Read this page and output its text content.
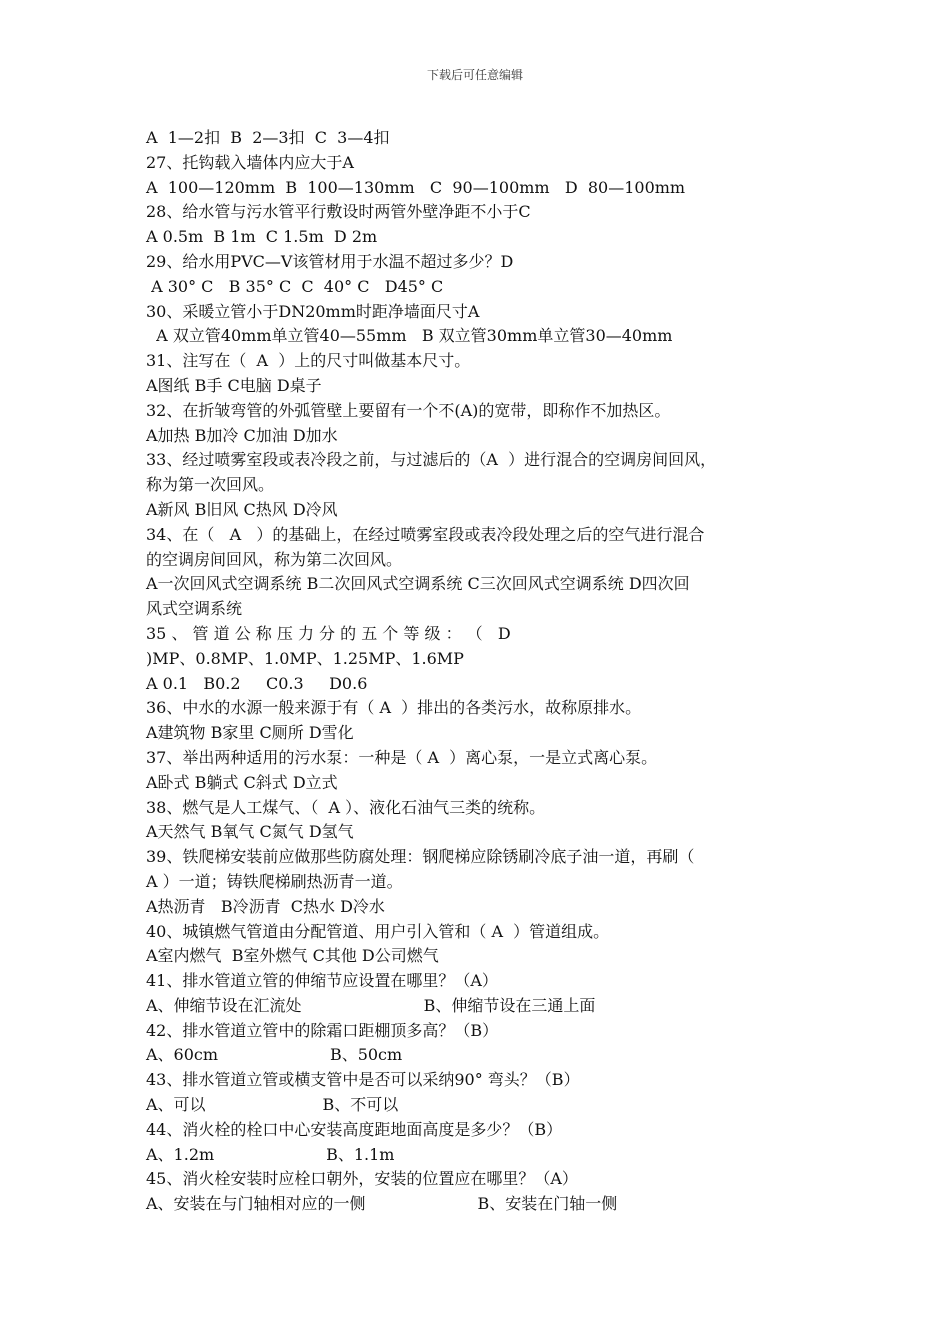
下载后可任意编辑
A  1—2扣  B  2—3扣  C  3—4扣
27、托钩载入墙体内应大于A
A  100—120mm  B  100—130mm   C  90—100mm   D  80—100mm
28、给水管与污水管平行敷设时两管外壁净距不小于C
A 0.5m  B 1m  C 1.5m  D 2m
29、给水用PVC—V该管材用于水温不超过多少？D
A 30° C   B 35° C  C  40° C   D45° C
30、采暖立管小于DN20mm时距净墙面尺寸A
A 双立管40mm单立管40—55mm   B 双立管30mm单立管30—40mm
31、注写在（  A  ）上的尺寸叫做基本尺寸。
A图纸 B手 C电脑 D桌子
32、在折皱弯管的外弧管壁上要留有一个不(A)的宽带，即称作不加热区。
A加热 B加冷 C加油 D加水
33、经过喷雾室段或表冷段之前，与过滤后的（A  ）进行混合的空调房间回风，
称为第一次回风。
A新风 B旧风 C热风 D冷风
34、在（   A   ）的基础上，在经过喷雾室段或表冷段处理之后的空气进行混合
的空调房间回风，称为第二次回风。
A一次回风式空调系统 B二次回风式空调系统 C三次回风式空调系统 D四次回
风式空调系统
35 、 管 道 公 称 压 力 分 的 五 个 等 级 ： （   D
)MP、0.8MP、1.0MP、1.25MP、1.6MP
A 0.1   B0.2     C0.3     D0.6
36、中水的水源一般来源于有（ A  ）排出的各类污水，故称原排水。
A建筑物 B家里 C厕所 D雪化
37、举出两种适用的污水泵：一种是（ A  ）离心泵，一是立式离心泵。
A卧式 B躺式 C斜式 D立式
38、燃气是人工煤气、（  A ）、液化石油气三类的统称。
A天然气 B氧气 C氮气 D氢气
39、铁爬梯安装前应做那些防腐处理：钢爬梯应除锈刷冷底子油一道，再刷（
A ）一道；铸铁爬梯刷热沥青一道。
A热沥青   B冷沥青  C热水 D冷水
40、城镇燃气管道由分配管道、用户引入管和（ A  ）管道组成。
A室内燃气  B室外燃气 C其他 D公司燃气
41、排水管道立管的伸缩节应设置在哪里？（A）
A、伸缩节设在汇流处                        B、伸缩节设在三通上面
42、排水管道立管中的除霜口距棚顶多高？（B）
A、60cm                      B、50cm
43、排水管道立管或横支管中是否可以采纳90° 弯头？（B）
A、可以                       B、不可以
44、消火栓的栓口中心安装高度距地面高度是多少？（B）
A、1.2m                      B、1.1m
45、消火栓安装时应栓口朝外，安装的位置应在哪里？（A）
A、安装在与门轴相对应的一侧                      B、安装在门轴一侧
